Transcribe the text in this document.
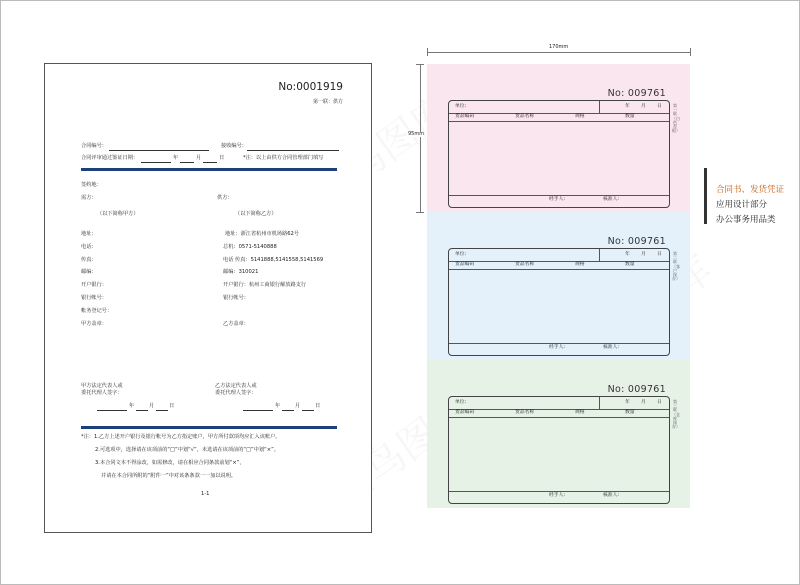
No:0001919
第一联：供方
合同编号：	接收编号：
合同评审通过鉴证日期：	年	月	日	*注：以上由供方合同管理部门填写
签约地：
需方：	供方：
（以下简称甲方）	（以下简称乙方）
地址：	地址：浙江省杭州市机场路62号
电话：	总机：0571-5140888
传真：	电话 传真：5141888,5141558,5141569
邮编：	邮编：310021
开户银行：	开户银行：杭州工商银行解放路支行
银行帐号：	银行帐号：
帐务登记号：
甲方盖章：	乙方盖章：
甲方法定代表人或
委托代理人签字：
乙方法定代表人或
委托代理人签字：
年	月	日	年	月	日
*注：1.乙方上述开户银行及银行帐号为乙方指定账户，甲方所付款项均应汇入该账户。
2.可选项中，选择请在该项前的“□”中划“√”，未选请在该项前的“□”中划“×”。
3.本合同文本不得涂改，如需修改，请在相应合同条款前划“×”，
并请在本合同所附的“附件一”中对该条条款一一加以说明。
1-1
170mm
95mm
No: 009761
单位:	年 月 日
货品编码	货品名称	规格	数量
经手人:	核准人:
第一联（白色存根）
No: 009761
单位:	年 月 日
货品编码	货品名称	规格	数量
经手人:	核准人:
第二联（客户保存）
No: 009761
单位:	年 月 日
货品编码	货品名称	规格	数量
经手人:	核准人:
第三联（仓库保存）
合同书、发货凭证
应用设计部分
办公事务用品类
